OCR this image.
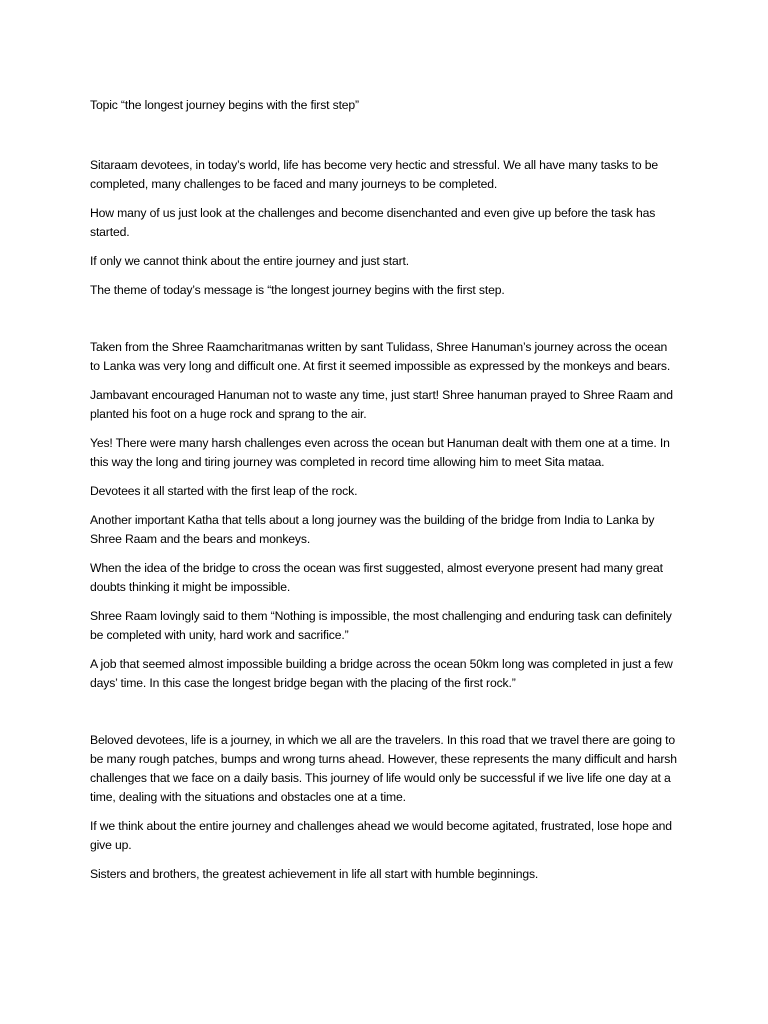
Topic “the longest journey begins with the first step”

Sitaraam devotees, in today’s world, life has become very hectic and stressful. We all have many tasks to be completed, many challenges to be faced and many journeys to be completed.

How many of us just look at the challenges and become disenchanted and even give up before the task has started.

If only we cannot think about the entire journey and just start.

The theme of today’s message is “the longest journey begins with the first step.

Taken from the Shree Raamcharitmanas written by sant Tulidass, Shree Hanuman’s journey across the ocean to Lanka was very long and difficult one. At first it seemed impossible as expressed by the monkeys and bears.

Jambavant encouraged Hanuman not to waste any time, just start! Shree hanuman prayed to Shree Raam and planted his foot on a huge rock and sprang to the air.

Yes! There were many harsh challenges even across the ocean but Hanuman dealt with them one at a time. In this way the long and tiring journey was completed in record time allowing him to meet Sita mataa.

Devotees it all started with the first leap of the rock.

Another important Katha that tells about a long journey was the building of the bridge from India to Lanka by Shree Raam and the bears and monkeys.

When the idea of the bridge to cross the ocean was first suggested, almost everyone present had many great doubts thinking it might be impossible.

Shree Raam lovingly said to them “Nothing is impossible, the most challenging and enduring task can definitely be completed with unity, hard work and sacrifice.”

A job that seemed almost impossible building a bridge across the ocean 50km long was completed in just a few days’ time. In this case the longest bridge began with the placing of the first rock.”

Beloved devotees, life is a journey, in which we all are the travelers. In this road that we travel there are going to be many rough patches, bumps and wrong turns ahead. However, these represents the many difficult and harsh challenges that we face on a daily basis. This journey of life would only be successful if we live life one day at a time, dealing with the situations and obstacles one at a time.

If we think about the entire journey and challenges ahead we would become agitated, frustrated, lose hope and give up.

Sisters and brothers, the greatest achievement in life all start with humble beginnings.
